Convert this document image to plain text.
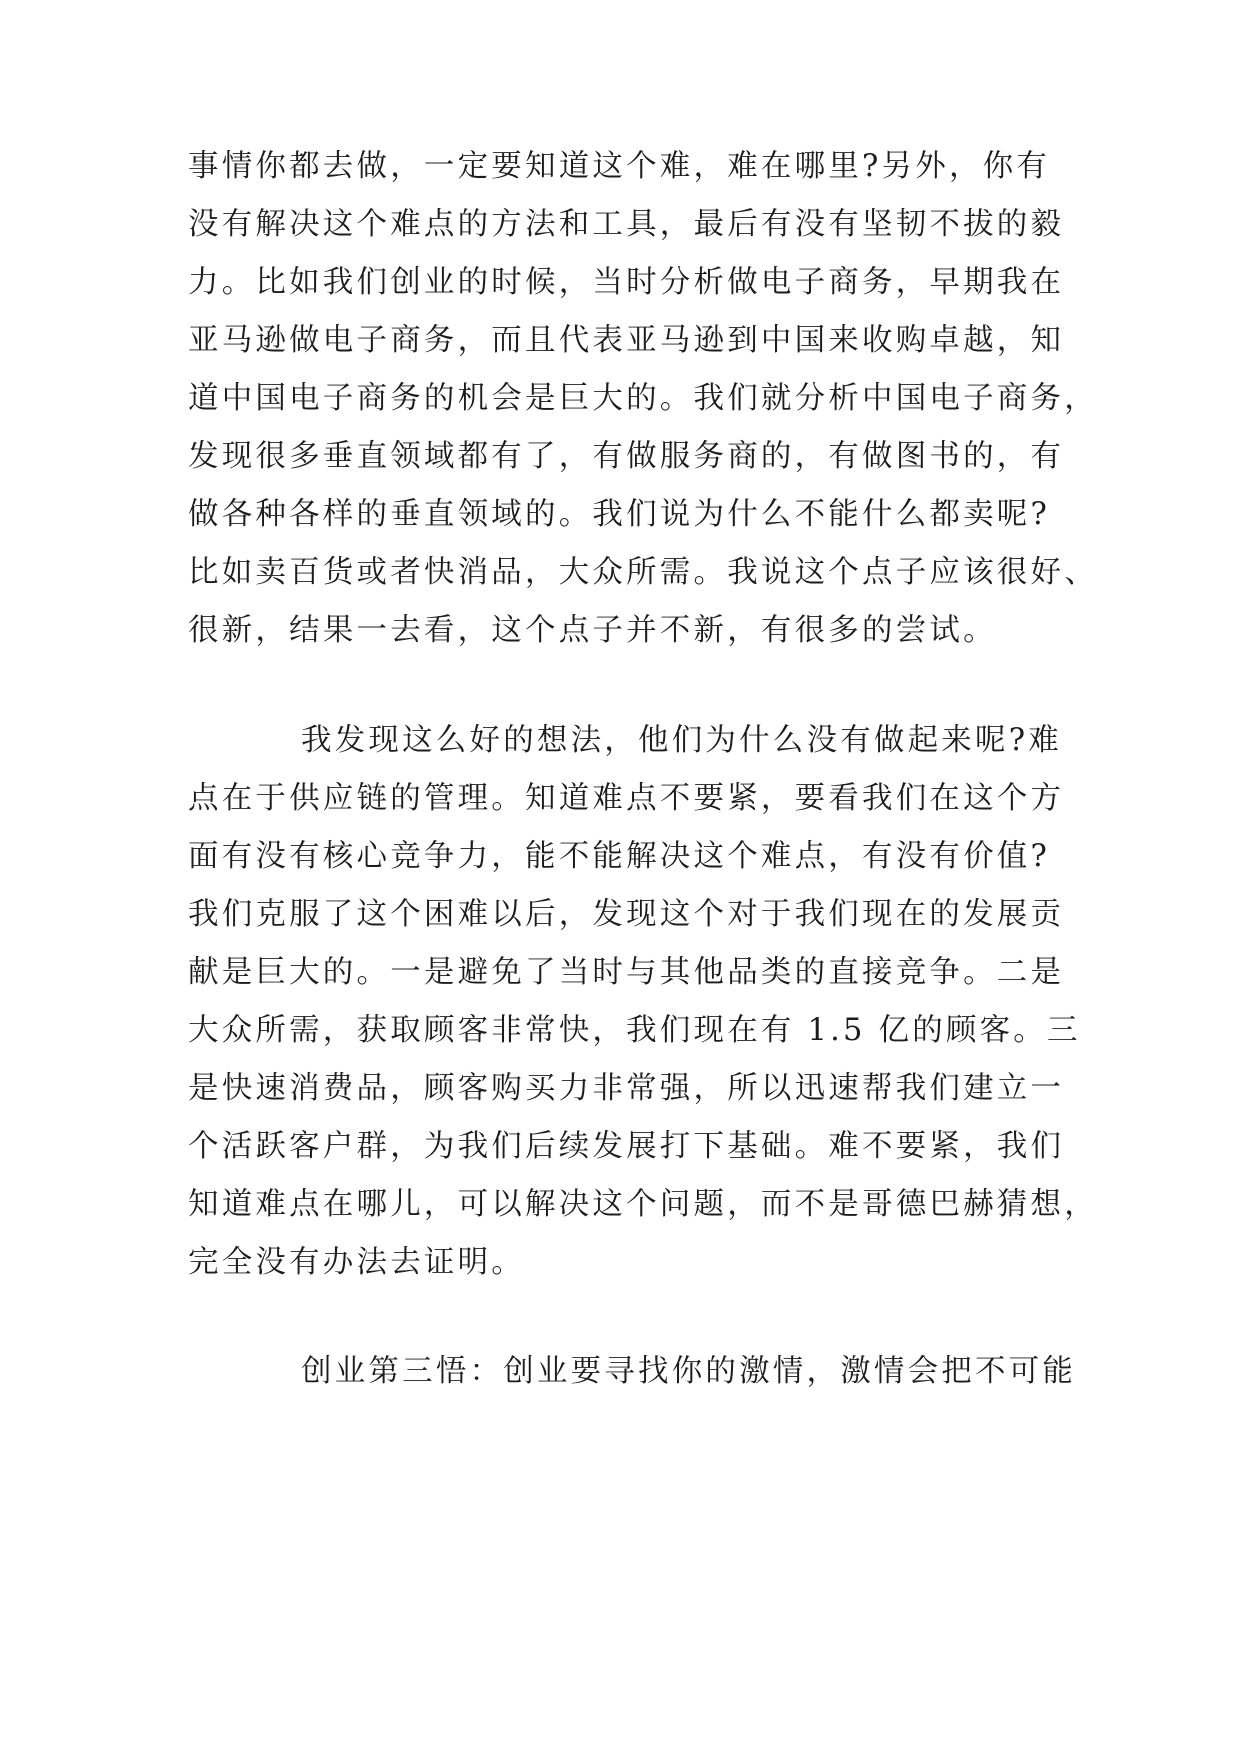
事情你都去做，一定要知道这个难，难在哪里?另外，你有
没有解决这个难点的方法和工具，最后有没有坚韧不拔的毅
力。比如我们创业的时候，当时分析做电子商务，早期我在
亚马逊做电子商务，而且代表亚马逊到中国来收购卓越，知
道中国电子商务的机会是巨大的。我们就分析中国电子商务，
发现很多垂直领域都有了，有做服务商的，有做图书的，有
做各种各样的垂直领域的。我们说为什么不能什么都卖呢?
比如卖百货或者快消品，大众所需。我说这个点子应该很好、
很新，结果一去看，这个点子并不新，有很多的尝试。

我发现这么好的想法，他们为什么没有做起来呢?难
点在于供应链的管理。知道难点不要紧，要看我们在这个方
面有没有核心竞争力，能不能解决这个难点，有没有价值?
我们克服了这个困难以后，发现这个对于我们现在的发展贡
献是巨大的。一是避免了当时与其他品类的直接竞争。二是
大众所需，获取顾客非常快，我们现在有 1.5 亿的顾客。三
是快速消费品，顾客购买力非常强，所以迅速帮我们建立一
个活跃客户群，为我们后续发展打下基础。难不要紧，我们
知道难点在哪儿，可以解决这个问题，而不是哥德巴赫猜想，
完全没有办法去证明。

创业第三悟：创业要寻找你的激情，激情会把不可能
